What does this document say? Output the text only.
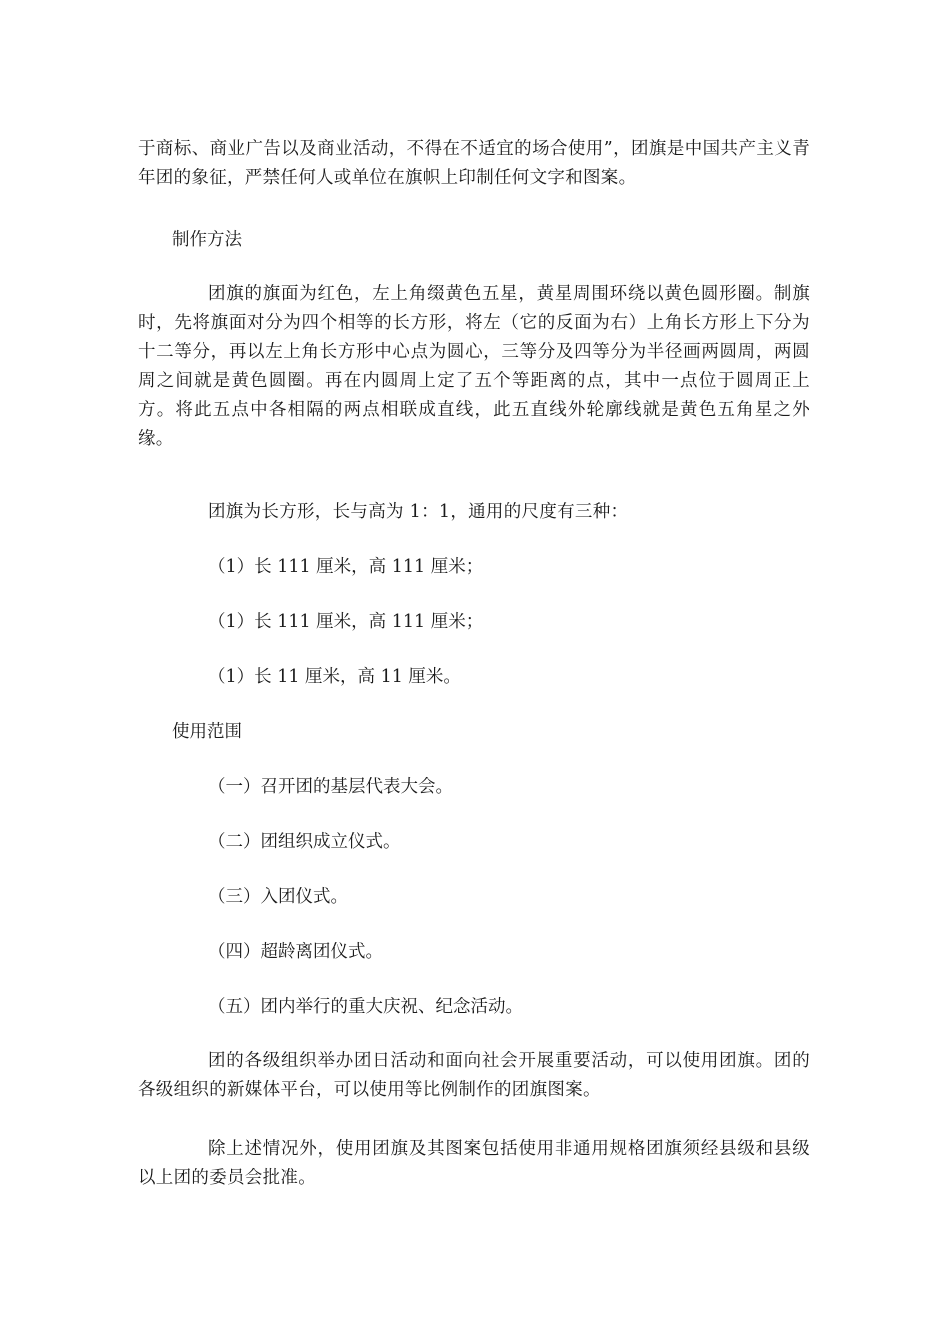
于商标、商业广告以及商业活动，不得在不适宜的场合使用”，团旗是中国共产主义青年团的象征，严禁任何人或单位在旗帜上印制任何文字和图案。

制作方法

团旗的旗面为红色，左上角缀黄色五星，黄星周围环绕以黄色圆形圈。制旗时，先将旗面对分为四个相等的长方形，将左（它的反面为右）上角长方形上下分为十二等分，再以左上角长方形中心点为圆心，三等分及四等分为半径画两圆周，两圆周之间就是黄色圆圈。再在内圆周上定了五个等距离的点，其中一点位于圆周正上方。将此五点中各相隔的两点相联成直线，此五直线外轮廓线就是黄色五角星之外缘。

团旗为长方形，长与高为 1：1，通用的尺度有三种：

（1）长 111 厘米，高 111 厘米；

（1）长 111 厘米，高 111 厘米；

（1）长 11 厘米，高 11 厘米。

使用范围

（一）召开团的基层代表大会。

（二）团组织成立仪式。

（三）入团仪式。

（四）超龄离团仪式。

（五）团内举行的重大庆祝、纪念活动。

团的各级组织举办团日活动和面向社会开展重要活动，可以使用团旗。团的各级组织的新媒体平台，可以使用等比例制作的团旗图案。

除上述情况外，使用团旗及其图案包括使用非通用规格团旗须经县级和县级以上团的委员会批准。
